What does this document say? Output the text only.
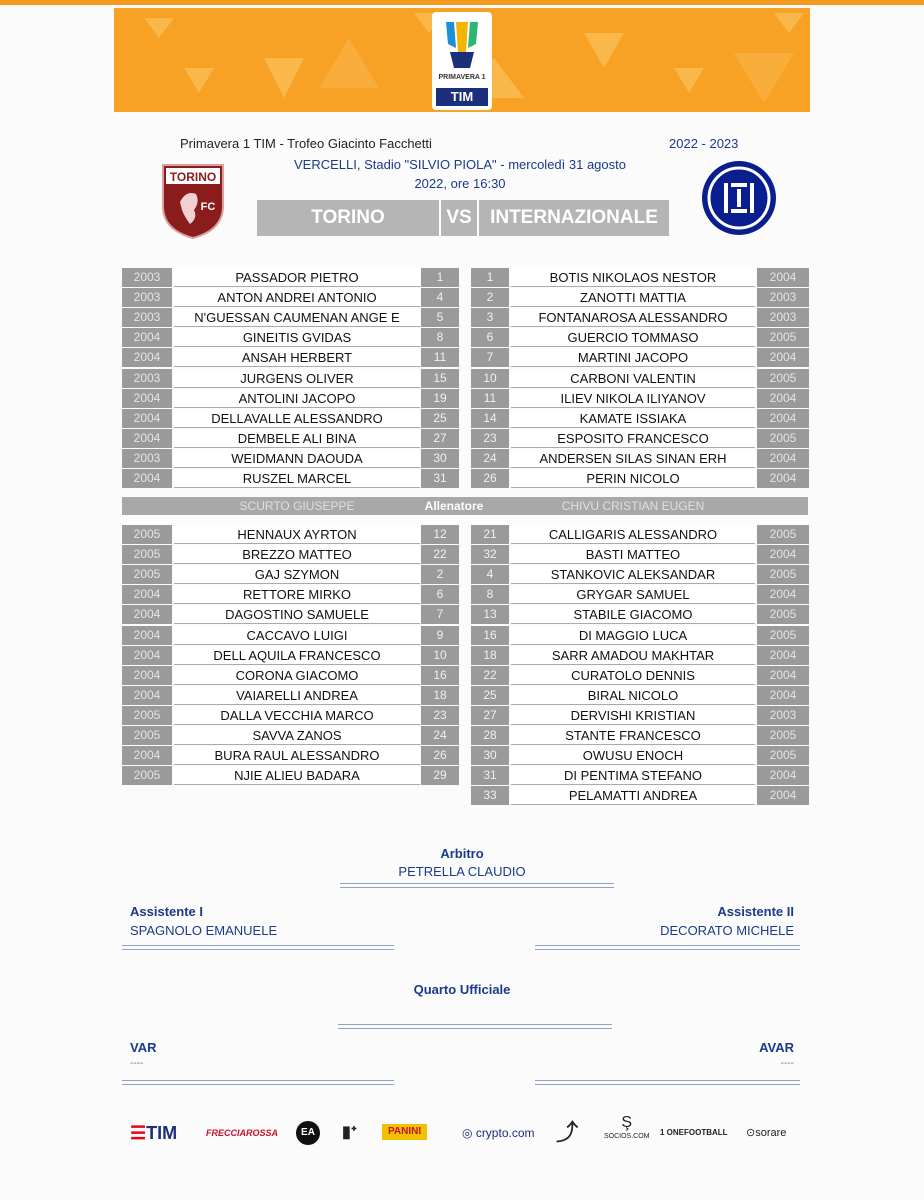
PRIMAVERA 1
TIM
Primavera 1 TIM - Trofeo Giacinto Facchetti	2022 - 2023
VERCELLI, Stadio "SILVIO PIOLA" - mercoledì 31 agosto
2022, ore 16:30
TORINO
FC	TORINO	VS INTERNAZIONALE
2003	PASSADOR PIETRO	1
2003	ANTON ANDREI ANTONIO	4
2003	N'GUESSAN CAUMENAN ANGE E	5
2004	GINEITIS GVIDAS	8
2004	ANSAH HERBERT	11
2003	JURGENS OLIVER	15
2004	ANTOLINI JACOPO	19
2004	DELLAVALLE ALESSANDRO	25
2004	DEMBELE ALI BINA	27
2003	WEIDMANN DAOUDA	30
2004	RUSZEL MARCEL	31
1	BOTIS NIKOLAOS NESTOR	2004
2	ZANOTTI MATTIA	2003
3	FONTANAROSA ALESSANDRO	2003
6	GUERCIO TOMMASO	2005
7	MARTINI JACOPO	2004
10	CARBONI VALENTIN	2005
11	ILIEV NIKOLA ILIYANOV	2004
14	KAMATE ISSIAKA	2004
23	ESPOSITO FRANCESCO	2005
24	ANDERSEN SILAS SINAN ERH	2004
26	PERIN NICOLO	2004
2005	HENNAUX AYRTON	12
2005	BREZZO MATTEO	22
2005	GAJ SZYMON	2
2004	RETTORE MIRKO	6
2004	DAGOSTINO SAMUELE	7
2004	CACCAVO LUIGI	9
2004	DELL AQUILA FRANCESCO	10
2004	CORONA GIACOMO	16
2004	VAIARELLI ANDREA	18
2005	DALLA VECCHIA MARCO	23
2005	SAVVA ZANOS	24
2004	BURA RAUL ALESSANDRO	26
2005	NJIE ALIEU BADARA	29
21	CALLIGARIS ALESSANDRO	2005
32	BASTI MATTEO	2004
4	STANKOVIC ALEKSANDAR	2005
8	GRYGAR SAMUEL	2004
13	STABILE GIACOMO	2005
16	DI MAGGIO LUCA	2005
18	SARR AMADOU MAKHTAR	2004
22	CURATOLO DENNIS	2004
25	BIRAL NICOLO	2004
27	DERVISHI KRISTIAN	2003
28	STANTE FRANCESCO	2005
30	OWUSU ENOCH	2005
31	DI PENTIMA STEFANO	2004
33	PELAMATTI ANDREA	2004
SCURTO GIUSEPPE	Allenatore	CHIVU CRISTIAN EUGEN
Arbitro
PETRELLA CLAUDIO
Assistente I
SPAGNOLO EMANUELE
Assistente II
DECORATO MICHELE
Quarto Ufficiale
VAR
----
AVAR
----
☰TIM	FRECCIAROSSA	EA	▮ᐩ	PANINI	◎ crypto.com ⤴	Ş
SOCIOS.COM 1 ONEFOOTBALL ⊙sorare
